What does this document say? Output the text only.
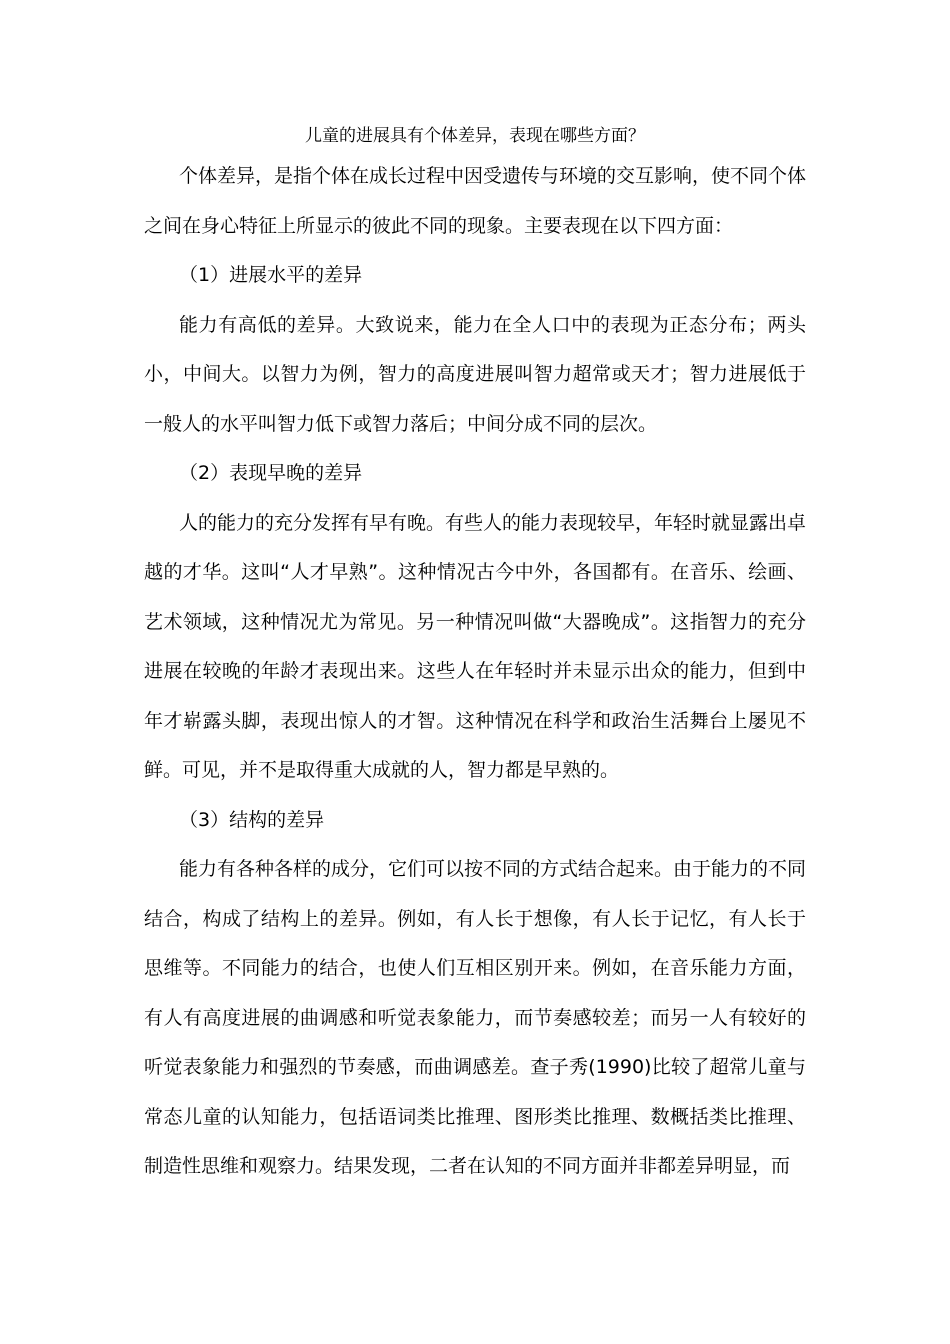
儿童的进展具有个体差异，表现在哪些方面？

个体差异，是指个体在成长过程中因受遗传与环境的交互影响，使不同个体之间在身心特征上所显示的彼此不同的现象。主要表现在以下四方面：

（1）进展水平的差异

能力有高低的差异。大致说来，能力在全人口中的表现为正态分布；两头小，中间大。以智力为例，智力的高度进展叫智力超常或天才；智力进展低于一般人的水平叫智力低下或智力落后；中间分成不同的层次。

（2）表现早晚的差异

人的能力的充分发挥有早有晚。有些人的能力表现较早，年轻时就显露出卓越的才华。这叫“人才早熟”。这种情况古今中外，各国都有。在音乐、绘画、艺术领域，这种情况尤为常见。另一种情况叫做“大器晚成”。这指智力的充分进展在较晚的年龄才表现出来。这些人在年轻时并未显示出众的能力，但到中年才崭露头脚，表现出惊人的才智。这种情况在科学和政治生活舞台上屡见不鲜。可见，并不是取得重大成就的人，智力都是早熟的。

（3）结构的差异

能力有各种各样的成分，它们可以按不同的方式结合起来。由于能力的不同结合，构成了结构上的差异。例如，有人长于想像，有人长于记忆，有人长于思维等。不同能力的结合，也使人们互相区别开来。例如，在音乐能力方面，有人有高度进展的曲调感和听觉表象能力，而节奏感较差；而另一人有较好的听觉表象能力和强烈的节奏感，而曲调感差。查子秀(1990)比较了超常儿童与常态儿童的认知能力，包括语词类比推理、图形类比推理、数概括类比推理、制造性思维和观察力。结果发现，二者在认知的不同方面并非都差异明显，而
